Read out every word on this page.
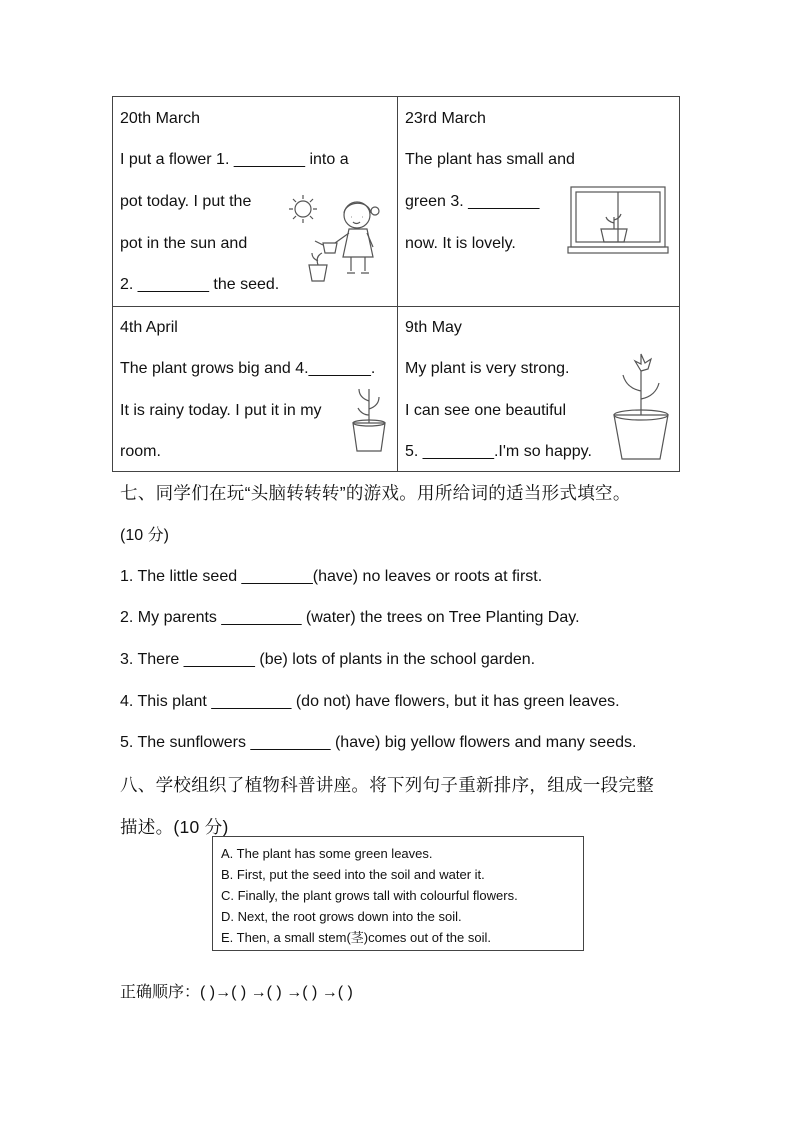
20th March
I put a flower 1. ________ into a
pot today. I put the
pot in the sun and
2. ________ the seed.
23rd March
The plant has small and
green 3. ________
now. It is lovely.
4th April
The plant grows big and 4._______.
It is rainy today. I put it in my
room.
9th May
My plant is very strong.
I can see one beautiful
5. ________.I'm so happy.
七、同学们在玩“头脑转转转”的游戏。用所给词的适当形式填空。
(10 分)
1. The little seed ________(have) no leaves or roots at first.
2. My parents _________ (water) the trees on Tree Planting Day.
3. There ________ (be) lots of plants in the school garden.
4. This plant _________ (do not) have flowers, but it has green leaves.
5. The sunflowers _________ (have) big yellow flowers and many seeds.
八、学校组织了植物科普讲座。将下列句子重新排序，组成一段完整
描述。(10 分)
A. The plant has some green leaves.
B. First, put the seed into the soil and water it.
C. Finally, the plant grows tall with colourful flowers.
D. Next, the root grows down into the soil.
E. Then, a small stem(茎)comes out of the soil.
正确顺序：( )→( ) →( ) →( ) →( )
